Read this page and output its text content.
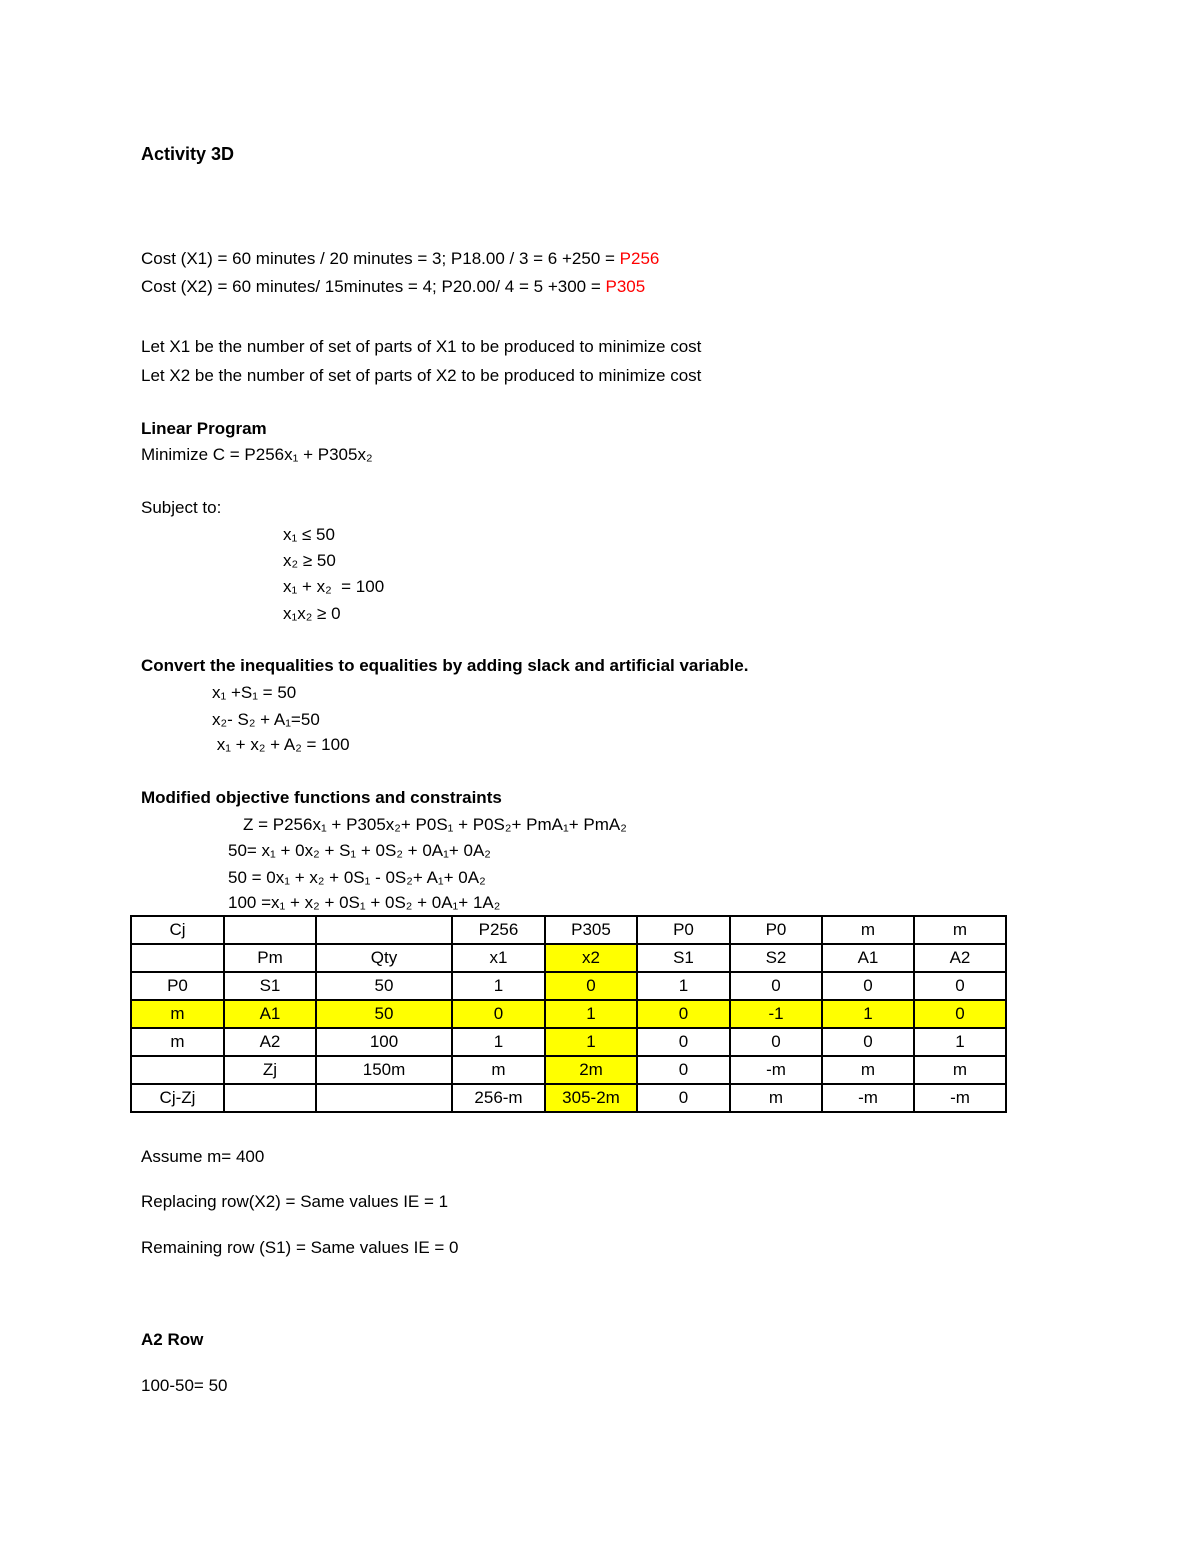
Activity 3D
Cost (X1) = 60 minutes / 20 minutes = 3; P18.00 / 3 = 6 +250 = P256
Cost (X2) = 60 minutes/ 15minutes = 4; P20.00/ 4 = 5 +300 = P305
Let X1 be the number of set of parts of X1 to be produced to minimize cost
Let X2 be the number of set of parts of X2 to be produced to minimize cost
Linear Program
Minimize C = P256x₁ + P305x₂
Subject to:
x₁ ≤ 50
x₂ ≥ 50
x₁ + x₂  = 100
x₁x₂ ≥ 0
Convert the inequalities to equalities by adding slack and artificial variable.
x₁ +S₁ = 50
x₂- S₂ + A₁=50
x₁ + x₂ + A₂ = 100
Modified objective functions and constraints
Z = P256x₁ + P305x₂+ P0S₁ + P0S₂+ PmA₁+ PmA₂
50= x₁ + 0x₂ + S₁ + 0S₂ + 0A₁+ 0A₂
50 = 0x₁ + x₂ + 0S₁ - 0S₂+ A₁+ 0A₂
100 =x₁ + x₂ + 0S₁ + 0S₂ + 0A₁+ 1A₂
Cj			P256	P305	P0	P0	m	m
	Pm	Qty	x1	x2	S1	S2	A1	A2
P0	S1	50	1	0	1	0	0	0
m	A1	50	0	1	0	-1	1	0
m	A2	100	1	1	0	0	0	1
	Zj	150m	m	2m	0	-m	m	m
Cj-Zj			256-m	305-2m	0	m	-m	-m
Assume m= 400
Replacing row(X2) = Same values IE = 1
Remaining row (S1) = Same values IE = 0
A2 Row
100-50= 50
